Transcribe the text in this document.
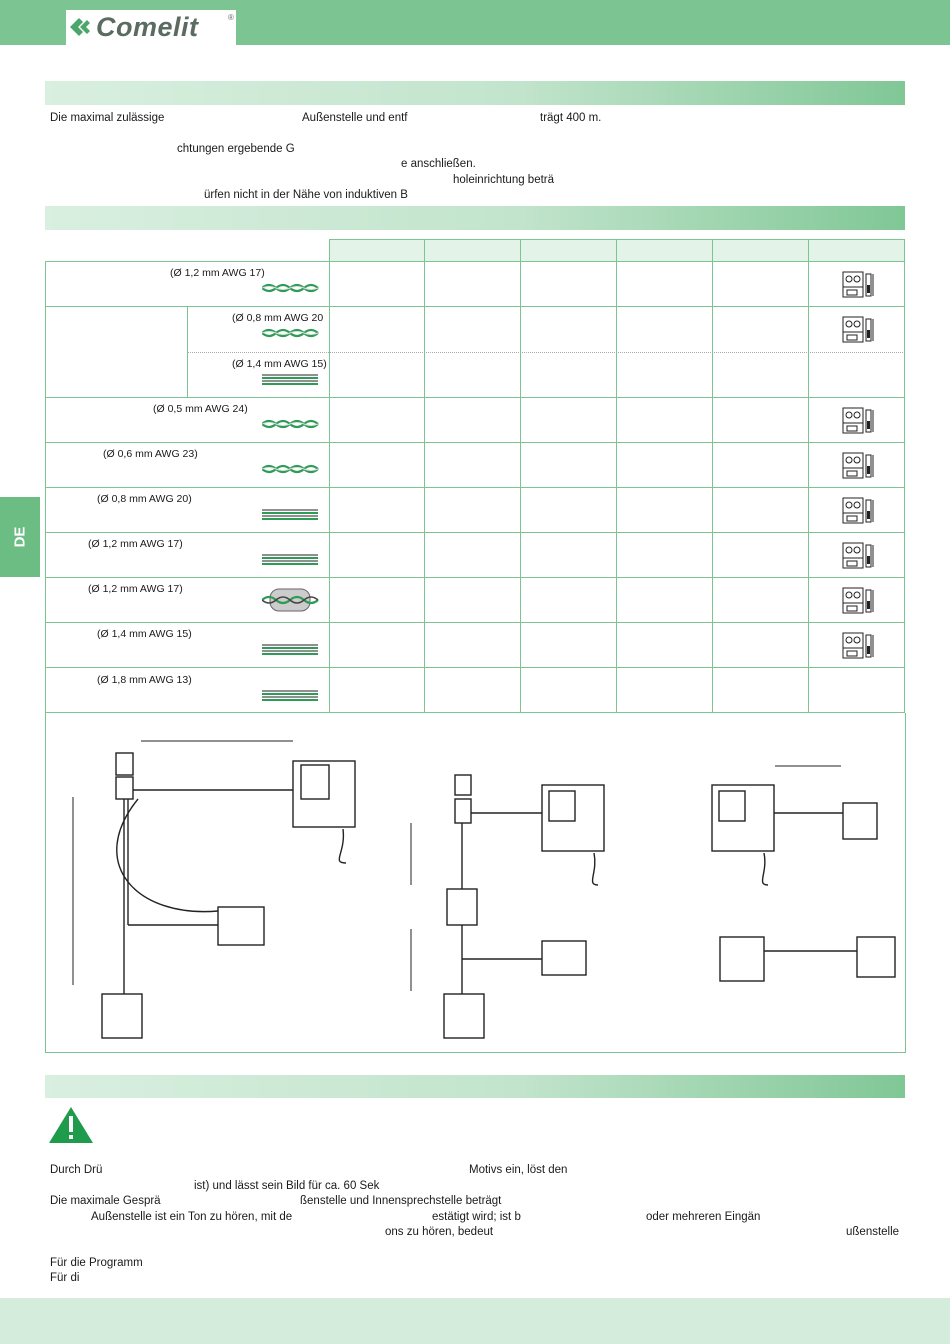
Comelit	®
Die maximal zulässige	Außenstelle und entf	trägt 400 m.
chtungen ergebende G
e anschließen.
holeinrichtung beträ
ürfen nicht in der Nähe von induktiven B
DE
(Ø 1,2 mm AWG 17)
(Ø 0,8 mm AWG 20
(Ø 1,4 mm AWG 15)
(Ø 0,5 mm AWG 24)
(Ø 0,6 mm AWG 23)
(Ø 0,8 mm AWG 20)
(Ø 1,2 mm AWG 17)
(Ø 1,2 mm AWG 17)
(Ø 1,4 mm AWG 15)
(Ø 1,8 mm AWG 13)
Durch Drü	Motivs ein, löst den
ist) und lässt sein Bild für ca. 60 Sek
Die maximale Gesprä	ßenstelle und Innensprechstelle beträgt
Außenstelle ist ein Ton zu hören, mit de	estätigt wird; ist b	oder mehreren Eingän
ons zu hören, bedeut	ußenstelle
Für die Programm
Für di
